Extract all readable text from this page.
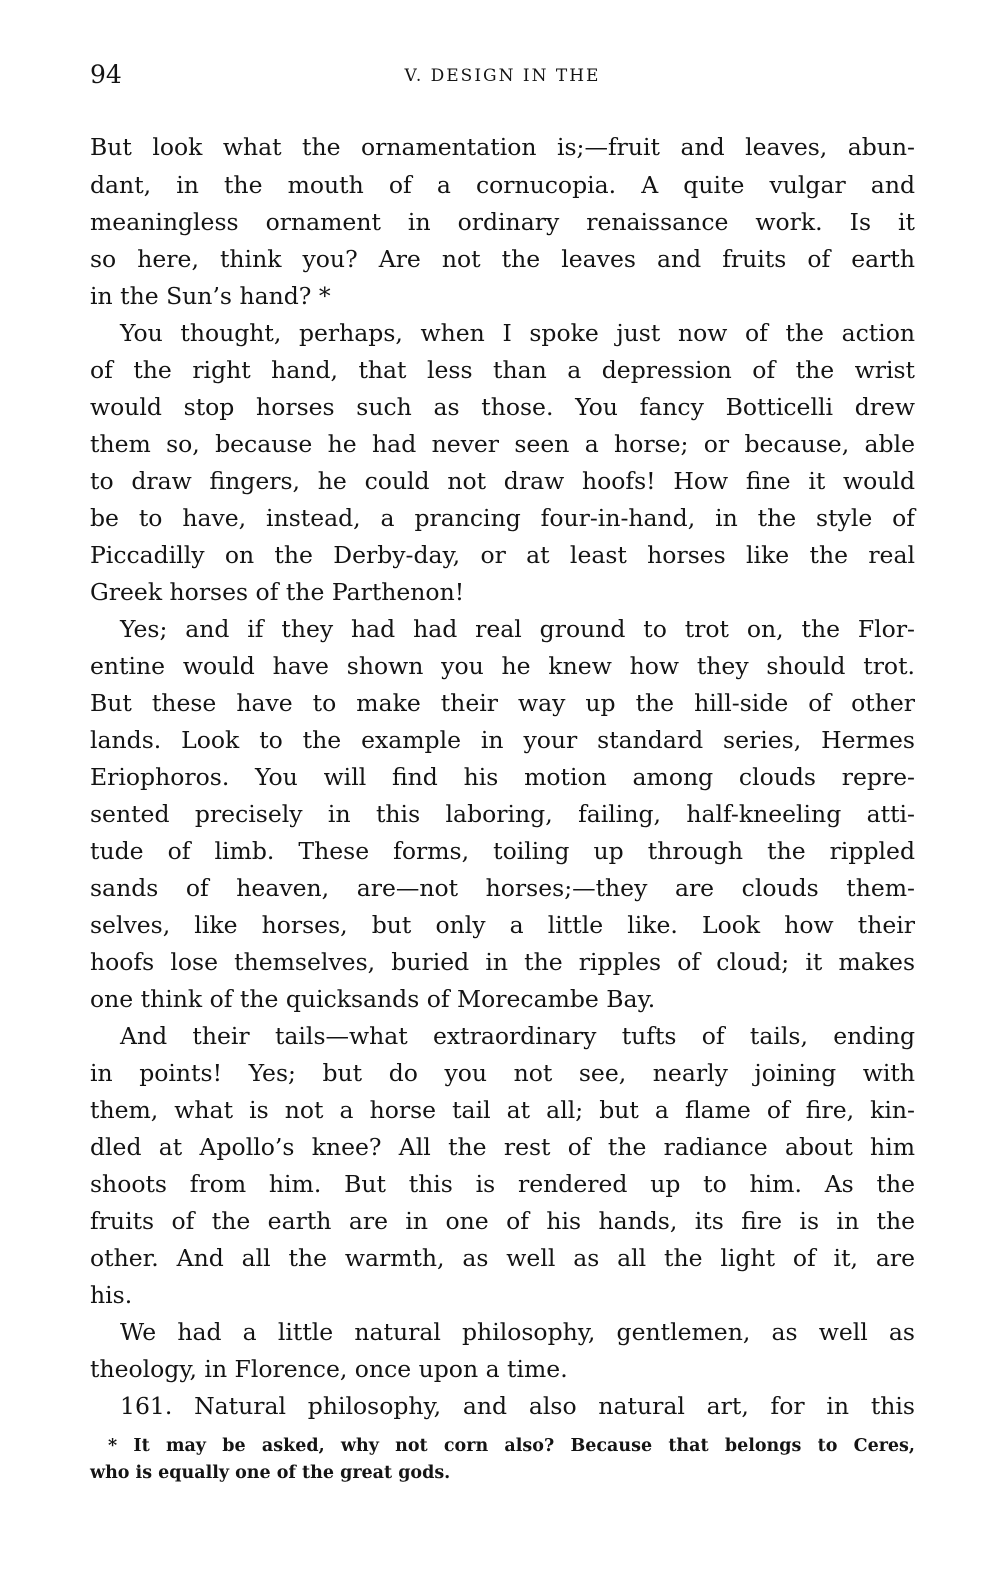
94	V. DESIGN IN THE
But look what the ornamentation is;—fruit and leaves, abun-
dant, in the mouth of a cornucopia. A quite vulgar and
meaningless ornament in ordinary renaissance work. Is it
so here, think you? Are not the leaves and fruits of earth
in the Sun’s hand? *
You thought, perhaps, when I spoke just now of the action
of the right hand, that less than a depression of the wrist
would stop horses such as those. You fancy Botticelli drew
them so, because he had never seen a horse; or because, able
to draw fingers, he could not draw hoofs! How fine it would
be to have, instead, a prancing four-in-hand, in the style of
Piccadilly on the Derby-day, or at least horses like the real
Greek horses of the Parthenon!
Yes; and if they had had real ground to trot on, the Flor-
entine would have shown you he knew how they should trot.
But these have to make their way up the hill-side of other
lands. Look to the example in your standard series, Hermes
Eriophoros. You will find his motion among clouds repre-
sented precisely in this laboring, failing, half-kneeling atti-
tude of limb. These forms, toiling up through the rippled
sands of heaven, are—not horses;—they are clouds them-
selves, like horses, but only a little like. Look how their
hoofs lose themselves, buried in the ripples of cloud; it makes
one think of the quicksands of Morecambe Bay.
And their tails—what extraordinary tufts of tails, ending
in points! Yes; but do you not see, nearly joining with
them, what is not a horse tail at all; but a flame of fire, kin-
dled at Apollo’s knee? All the rest of the radiance about him
shoots from him. But this is rendered up to him. As the
fruits of the earth are in one of his hands, its fire is in the
other. And all the warmth, as well as all the light of it, are
his.
We had a little natural philosophy, gentlemen, as well as
theology, in Florence, once upon a time.
161. Natural philosophy, and also natural art, for in this
* It may be asked, why not corn also? Because that belongs to Ceres,
who is equally one of the great gods.
